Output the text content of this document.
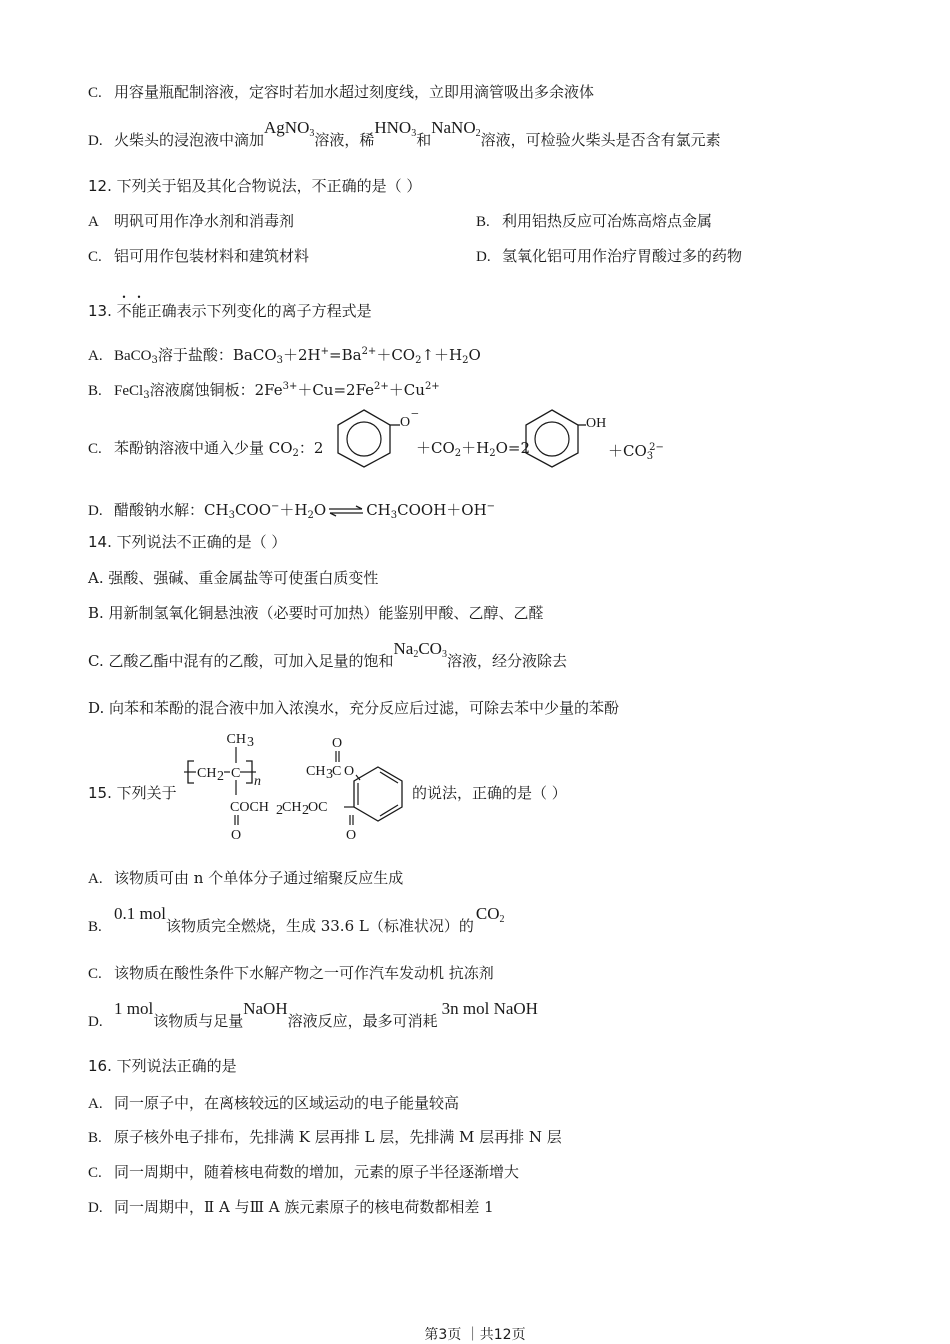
C. 用容量瓶配制溶液，定容时若加水超过刻度线，立即用滴管吸出多余液体
D. 火柴头的浸泡液中滴加AgNO$_3$溶液，稀$HNO_3$和NaNO$_2$溶液，可检验火柴头是否含有氯元素
12. 下列关于铝及其化合物说法，不正确的是（ ）
A 明矾可用作净水剂和消毒剂	B. 利用铝热反应可冶炼高熔点金属
C. 铝可用作包装材料和建筑材料	D. 氢氧化铝可用作治疗胃酸过多的药物
13. 不能正确表示下列变化的离子方程式是
A. BaCO$_3$溶于盐酸：$BaCO_3+2H^+=Ba^{2+}+CO_2↑+H_2O$
B. FeCl$_3$溶液腐蚀铜板：$2Fe^{3+}+Cu=2Fe^{2+}+Cu^{2+}$
C. 苯酚钠溶液中通入少量 $CO_2$：2
O
−
$+CO_2+H_2O=2$
OH
$+CO_3^{2-}$
D. 醋酸钠水解：$CH_3COO^-+H_2O$ ⇌ $CH_3COOH+OH^-$
14. 下列说法不正确的是（ ）
A. 强酸、强碱、重金属盐等可使蛋白质变性
B. 用新制氢氧化铜悬浊液（必要时可加热）能鉴别甲酸、乙醇、乙醛
C. 乙酸乙酯中混有的乙酸，可加入足量的饱和$Na_2CO_3$溶液，经分液除去
D. 向苯和苯酚的混合液中加入浓溴水，充分反应后过滤，可除去苯中少量的苯酚
15. 下列关于
CH 2 C
n
CH 3
COCH 2 CH 2 OC
O	O
CH 3 C
O
O
的说法，正确的是（ ）
A. 该物质可由 n 个单体分子通过缩聚反应生成
B.0.1 mol该物质完全燃烧，生成 33.6 L（标准状况）的$CO_2$
C. 该物质在酸性条件下水解产物之一可作汽车发动机 抗冻剂
D.1 mol该物质与足量NaOH溶液反应，最多可消耗3n mol NaOH
16. 下列说法正确的是
A. 同一原子中，在离核较远的区域运动的电子能量较高
B. 原子核外电子排布，先排满 K 层再排 L 层，先排满 M 层再排 N 层
C. 同一周期中，随着核电荷数的增加，元素的原子半径逐渐增大
D. 同一周期中，Ⅱ A 与Ⅲ A 族元素原子的核电荷数都相差 1
第3页 ｜共12页
